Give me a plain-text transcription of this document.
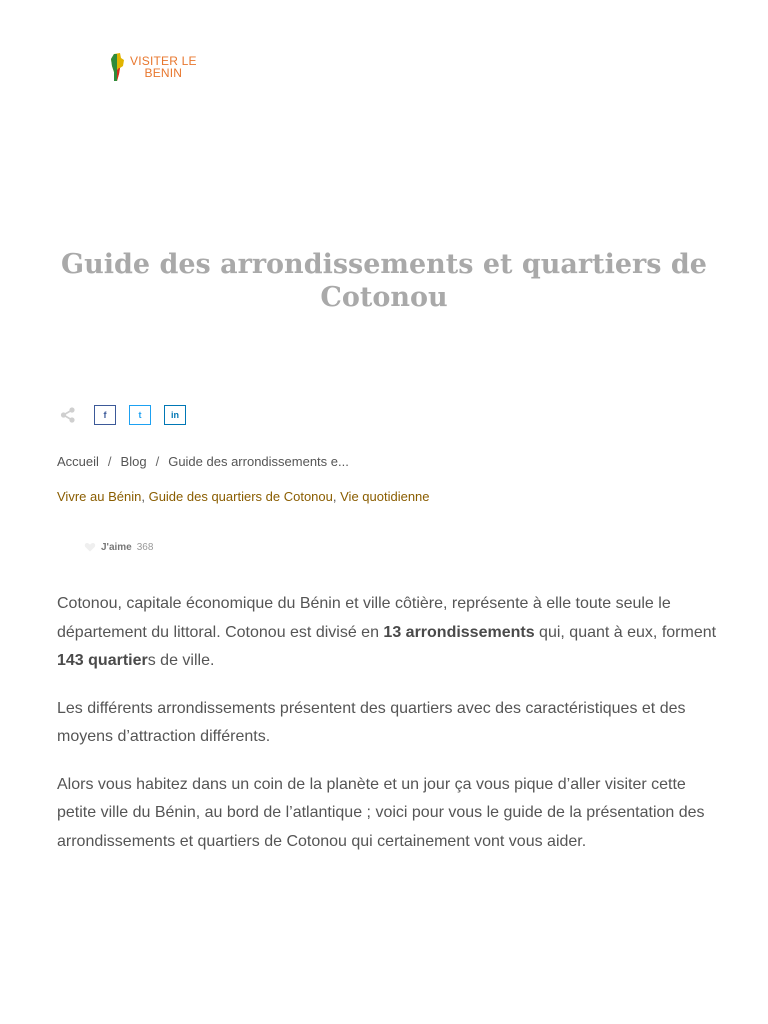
VISITER LE
BENIN
Guide des arrondissements et quartiers de Cotonou
f	t	in
Accueil / Blog / Guide des arrondissements e...
Vivre au Bénin, Guide des quartiers de Cotonou, Vie quotidienne
J'aime 368

Cotonou, capitale économique du Bénin et ville côtière, représente à elle toute seule le département du littoral. Cotonou est divisé en 13 arrondissements qui, quant à eux, forment 143 quartiers de ville.

Les différents arrondissements présentent des quartiers avec des caractéristiques et des moyens d’attraction différents.

Alors vous habitez dans un coin de la planète et un jour ça vous pique d’aller visiter cette petite ville du Bénin, au bord de l’atlantique ; voici pour vous le guide de la présentation des arrondissements et quartiers de Cotonou qui certainement vont vous aider.
